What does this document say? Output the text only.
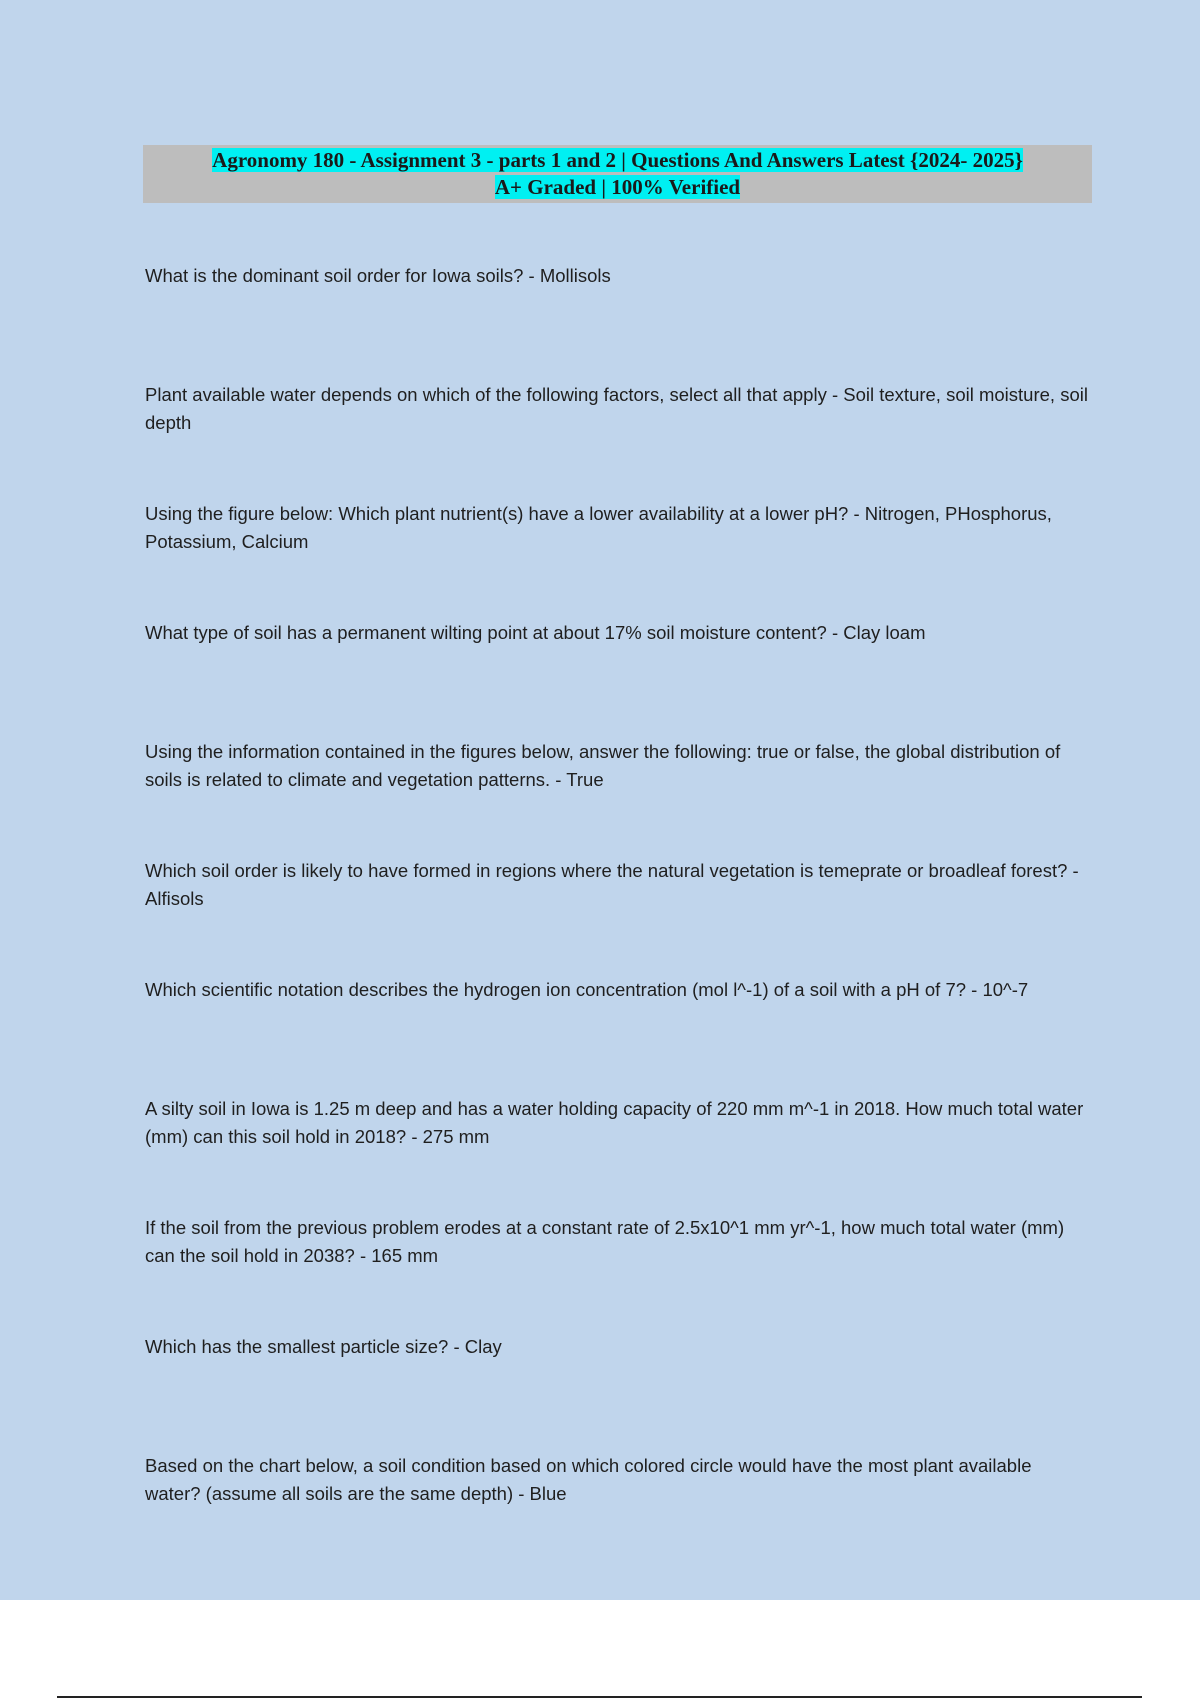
Agronomy 180 - Assignment 3 - parts 1 and 2 | Questions And Answers Latest {2024- 2025}
A+ Graded | 100% Verified
What is the dominant soil order for Iowa soils? - Mollisols
Plant available water depends on which of the following factors, select all that apply - Soil texture, soil moisture, soil depth
Using the figure below: Which plant nutrient(s) have a lower availability at a lower pH? - Nitrogen, PHosphorus, Potassium, Calcium
What type of soil has a permanent wilting point at about 17% soil moisture content? - Clay loam
Using the information contained in the figures below, answer the following: true or false, the global distribution of soils is related to climate and vegetation patterns. - True
Which soil order is likely to have formed in regions where the natural vegetation is temeprate or broadleaf forest? - Alfisols
Which scientific notation describes the hydrogen ion concentration (mol l^-1) of a soil with a pH of 7? - 10^-7
A silty soil in Iowa is 1.25 m deep and has a water holding capacity of 220 mm m^-1 in 2018. How much total water (mm) can this soil hold in 2018? - 275 mm
If the soil from the previous problem erodes at a constant rate of 2.5x10^1 mm yr^-1, how much total water (mm) can the soil hold in 2038? - 165 mm
Which has the smallest particle size? - Clay
Based on the chart below, a soil condition based on which colored circle would have the most plant available water? (assume all soils are the same depth) - Blue
